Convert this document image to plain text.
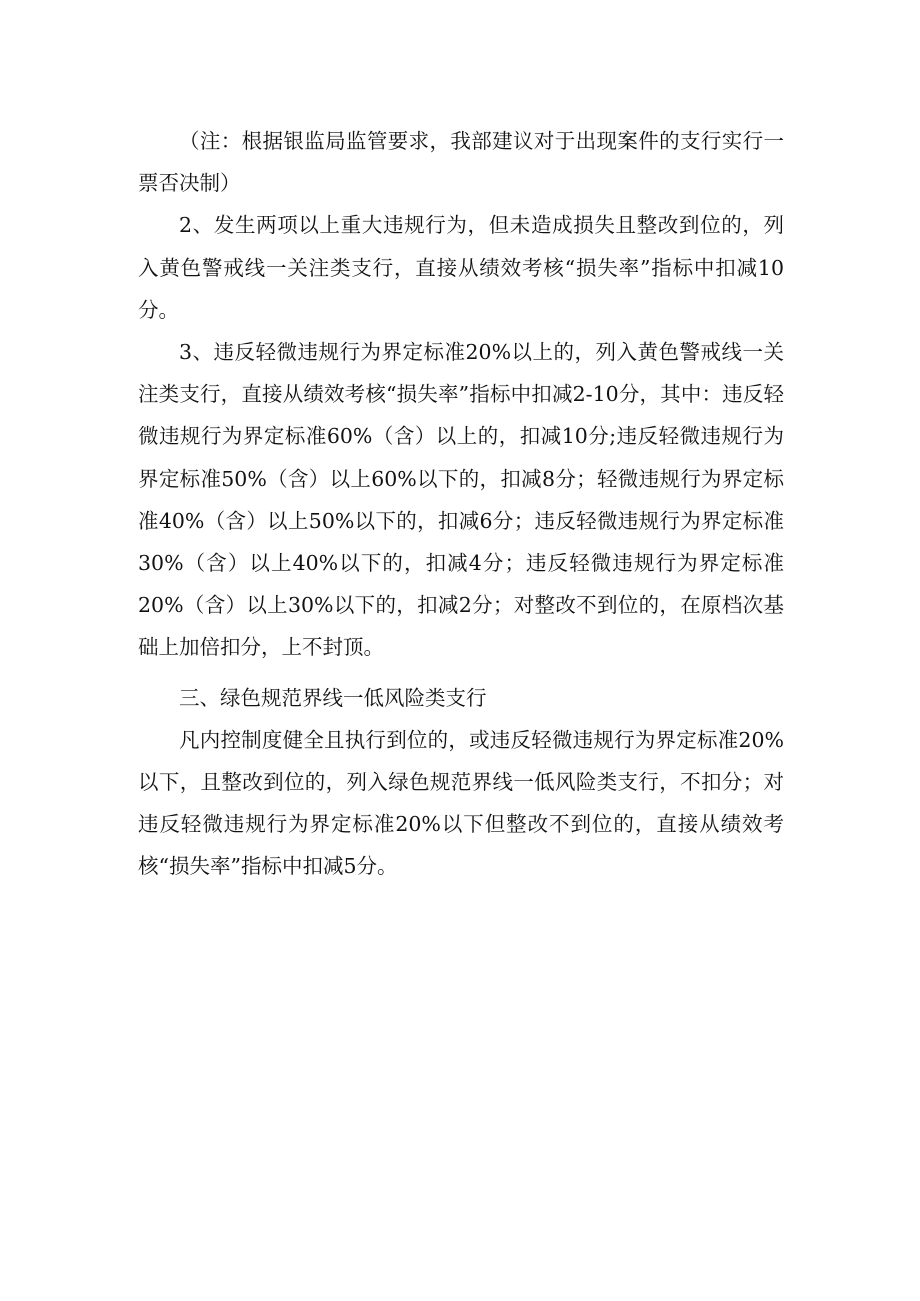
（注：根据银监局监管要求，我部建议对于出现案件的支行实行一票否决制）

2、发生两项以上重大违规行为，但未造成损失且整改到位的，列入黄色警戒线一关注类支行，直接从绩效考核“损失率”指标中扣减10分。

3、违反轻微违规行为界定标准20%以上的，列入黄色警戒线一关注类支行，直接从绩效考核“损失率”指标中扣减2-10分，其中：违反轻微违规行为界定标准60%（含）以上的，扣减10分;违反轻微违规行为界定标准50%（含）以上60%以下的，扣减8分；轻微违规行为界定标准40%（含）以上50%以下的，扣减6分；违反轻微违规行为界定标准30%（含）以上40%以下的，扣减4分；违反轻微违规行为界定标准20%（含）以上30%以下的，扣减2分；对整改不到位的，在原档次基础上加倍扣分，上不封顶。

三、绿色规范界线一低风险类支行

凡内控制度健全且执行到位的，或违反轻微违规行为界定标准20%以下，且整改到位的，列入绿色规范界线一低风险类支行，不扣分；对违反轻微违规行为界定标准20%以下但整改不到位的，直接从绩效考核“损失率”指标中扣减5分。
